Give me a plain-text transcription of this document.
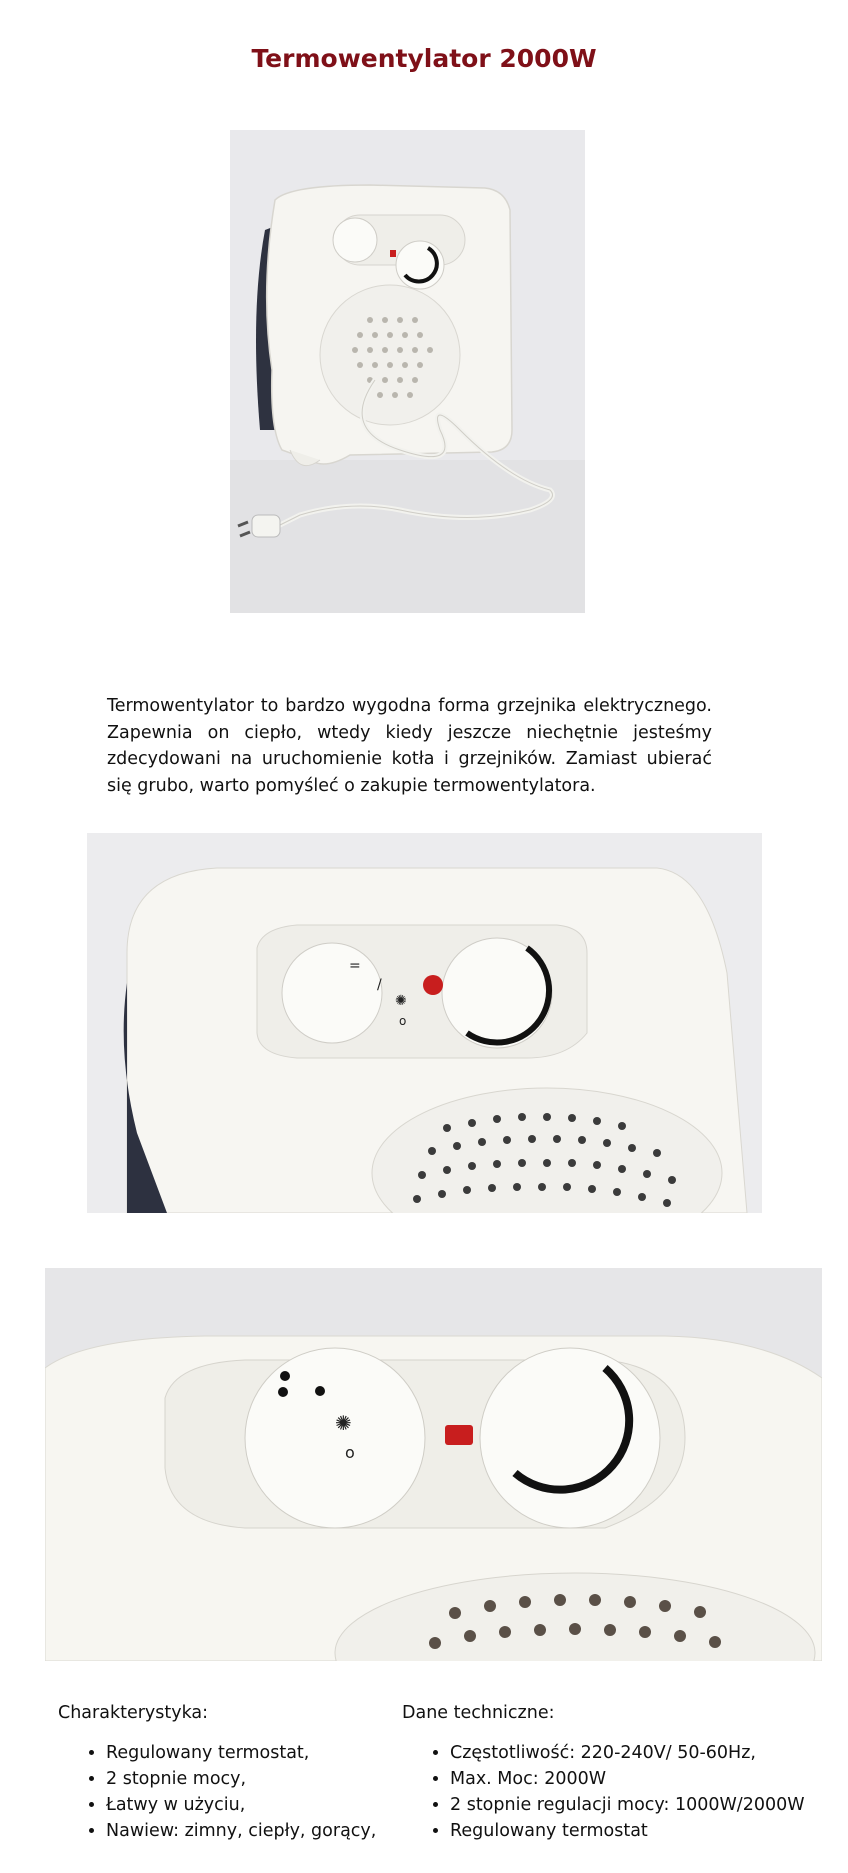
Termowentylator 2000W
Termowentylator to bardzo wygodna forma grzejnika elektrycznego. Zapewnia on ciepło, wtedy kiedy jeszcze niechętnie jesteśmy zdecydowani na uruchomienie kotła i grzejników. Zamiast ubierać się grubo, warto pomyśleć o zakupie termowentylatora.
=
/
✺
o
✺
o
Charakterystyka:
• Regulowany termostat,
• 2 stopnie mocy,
• Łatwy w użyciu,
• Nawiew: zimny, ciepły, gorący,
Dane techniczne:
• Częstotliwość: 220-240V/ 50-60Hz,
• Max. Moc: 2000W
• 2 stopnie regulacji mocy: 1000W/2000W
• Regulowany termostat
